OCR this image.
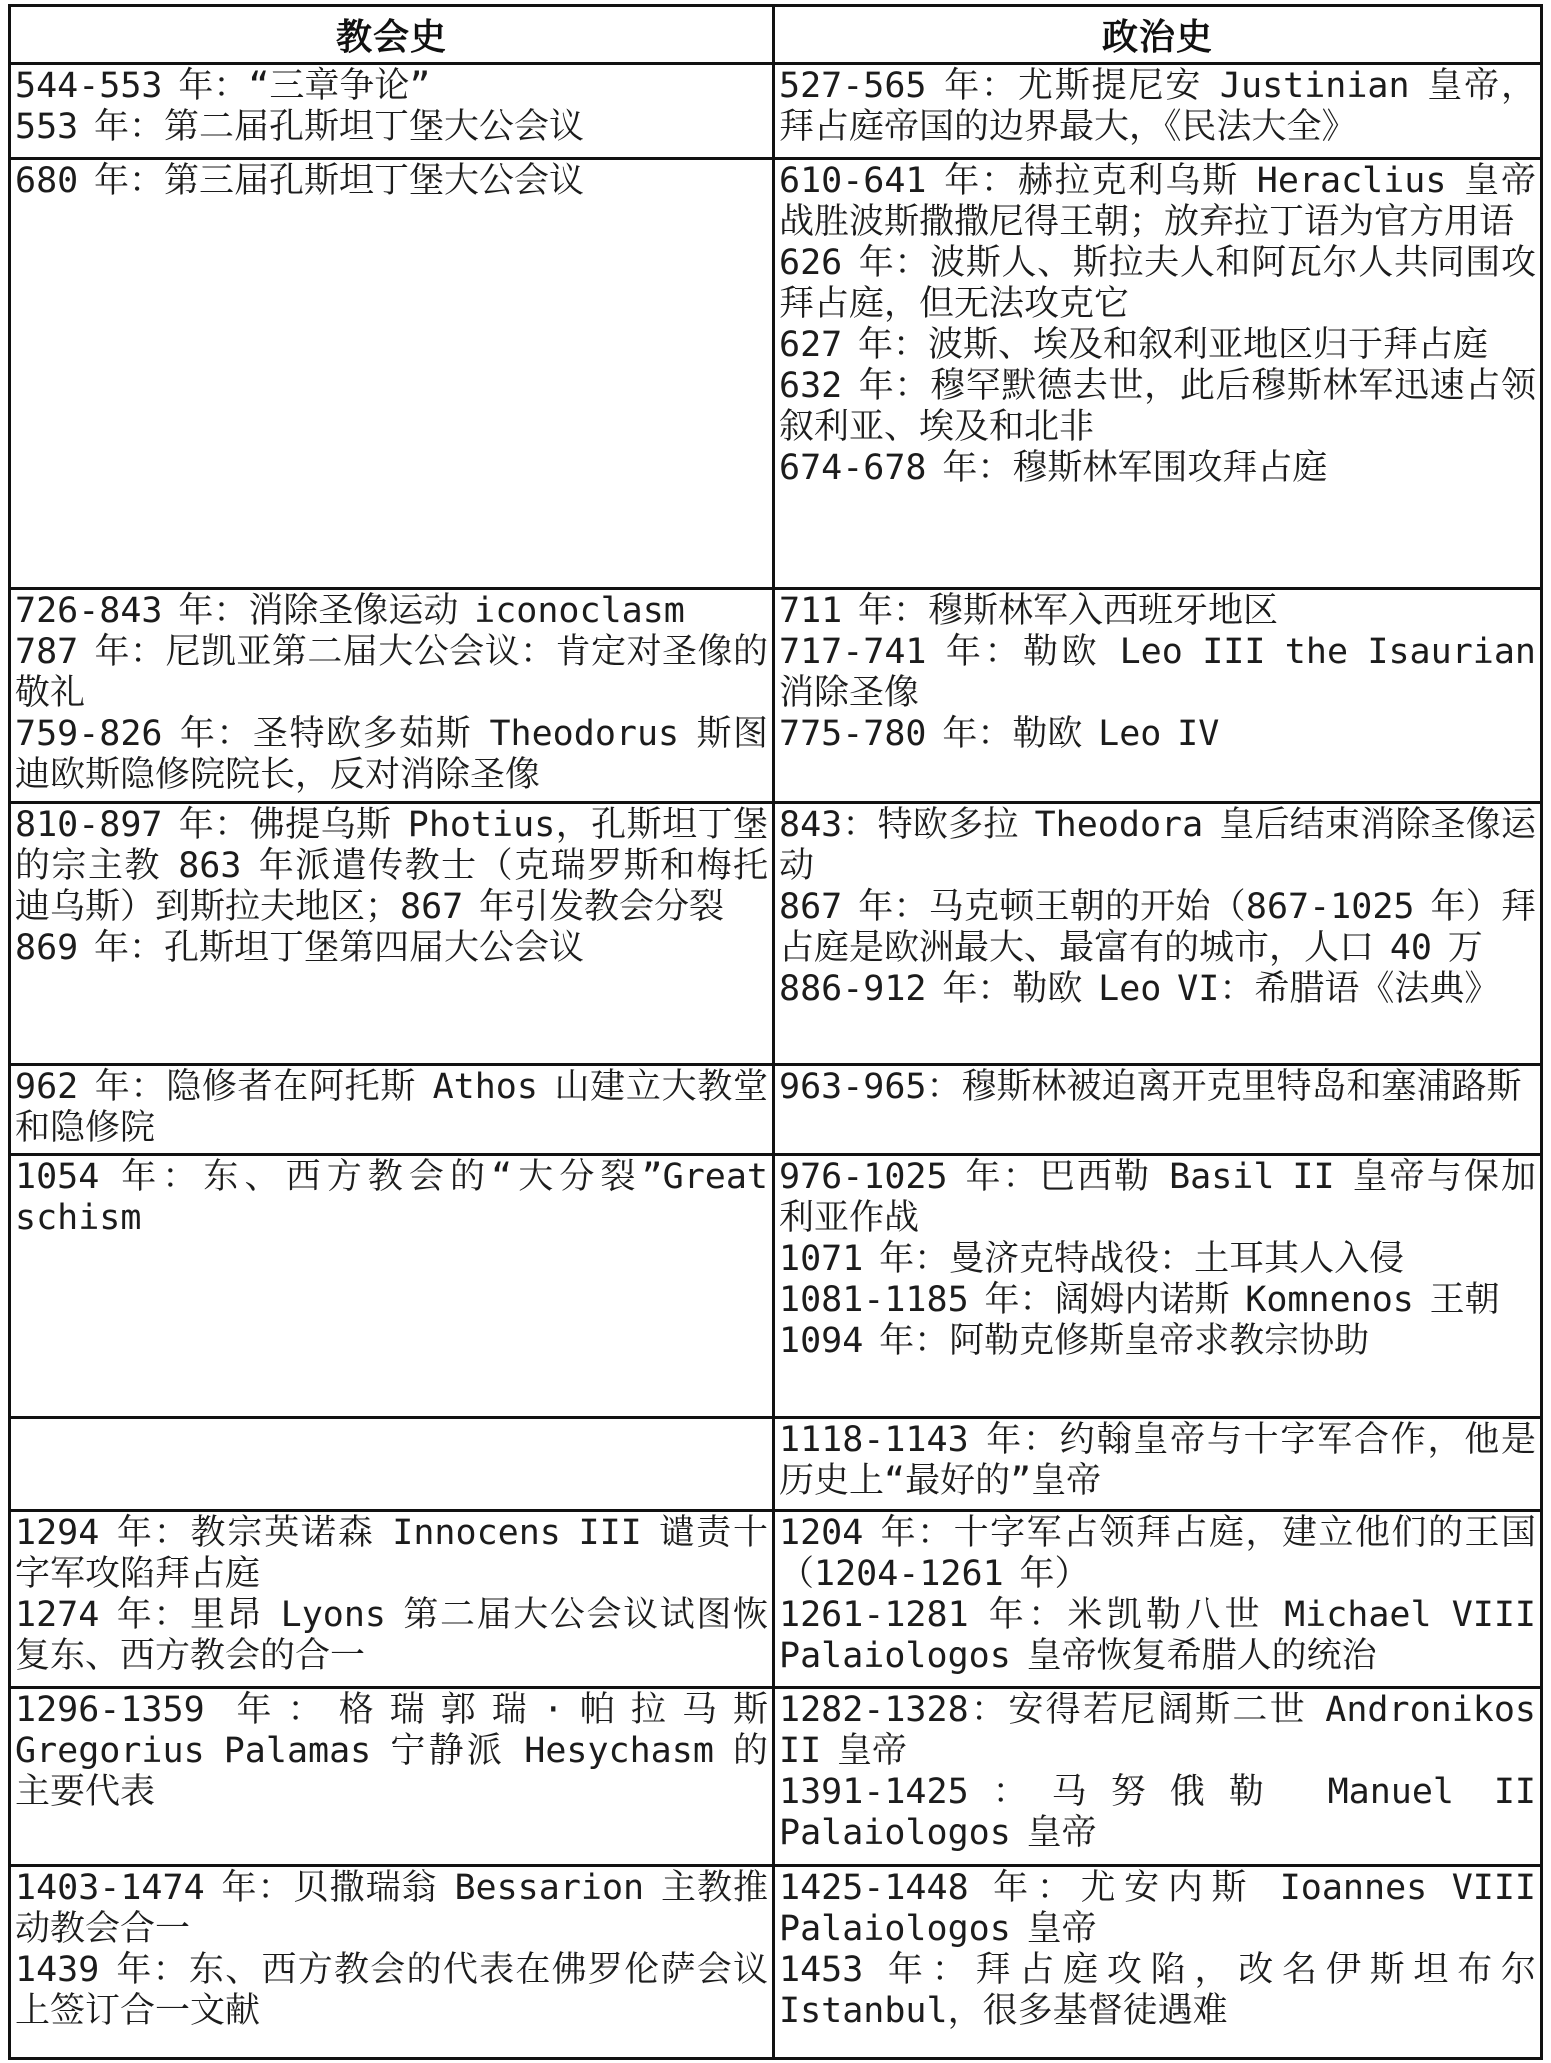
教会史	政治史
544-553 年：“三章争论”
553 年：第二届孔斯坦丁堡大公会议
527-565 年：尤斯提尼安 Justinian 皇帝，拜占庭帝国的边界最大，《民法大全》
680 年：第三届孔斯坦丁堡大公会议	610-641 年：赫拉克利乌斯 Heraclius 皇帝战胜波斯撒撒尼得王朝；放弃拉丁语为官方用语
626 年：波斯人、斯拉夫人和阿瓦尔人共同围攻拜占庭，但无法攻克它
627 年：波斯、埃及和叙利亚地区归于拜占庭
632 年：穆罕默德去世，此后穆斯林军迅速占领叙利亚、埃及和北非
674-678 年：穆斯林军围攻拜占庭
726-843 年：消除圣像运动 iconoclasm
787 年：尼凯亚第二届大公会议：肯定对圣像的敬礼
759-826 年：圣特欧多茹斯 Theodorus 斯图迪欧斯隐修院院长，反对消除圣像
711 年：穆斯林军入西班牙地区
717-741 年：勒欧 Leo III the Isaurian 消除圣像
775-780 年：勒欧 Leo IV
810-897 年：佛提乌斯 Photius，孔斯坦丁堡的宗主教 863 年派遣传教士（克瑞罗斯和梅托迪乌斯）到斯拉夫地区；867 年引发教会分裂
869 年：孔斯坦丁堡第四届大公会议
843：特欧多拉 Theodora 皇后结束消除圣像运动
867 年：马克顿王朝的开始（867-1025 年）拜占庭是欧洲最大、最富有的城市，人口 40 万
886-912 年：勒欧 Leo VI：希腊语《法典》
962 年：隐修者在阿托斯 Athos 山建立大教堂和隐修院
963-965：穆斯林被迫离开克里特岛和塞浦路斯
1054 年：东、西方教会的“大分裂”Great schism
976-1025 年：巴西勒 Basil II 皇帝与保加利亚作战
1071 年：曼济克特战役：土耳其人入侵
1081-1185 年：阔姆内诺斯 Komnenos 王朝
1094 年：阿勒克修斯皇帝求教宗协助
1118-1143 年：约翰皇帝与十字军合作，他是历史上“最好的”皇帝
1294 年：教宗英诺森 Innocens III 谴责十字军攻陷拜占庭
1274 年：里昂 Lyons 第二届大公会议试图恢复东、西方教会的合一
1204 年：十字军占领拜占庭，建立他们的王国（1204-1261 年）
1261-1281 年：米凯勒八世 Michael VIII Palaiologos 皇帝恢复希腊人的统治
1296-1359 年：格瑞郭瑞·帕拉马斯 Gregorius Palamas 宁静派 Hesychasm 的主要代表
1282-1328：安得若尼阔斯二世 Andronikos II 皇帝
1391-1425：马努俄勒 Manuel II Palaiologos 皇帝
1403-1474 年：贝撒瑞翁 Bessarion 主教推动教会合一
1439 年：东、西方教会的代表在佛罗伦萨会议上签订合一文献
1425-1448 年：尤安内斯 Ioannes VIII Palaiologos 皇帝
1453 年：拜占庭攻陷，改名伊斯坦布尔 Istanbul，很多基督徒遇难
